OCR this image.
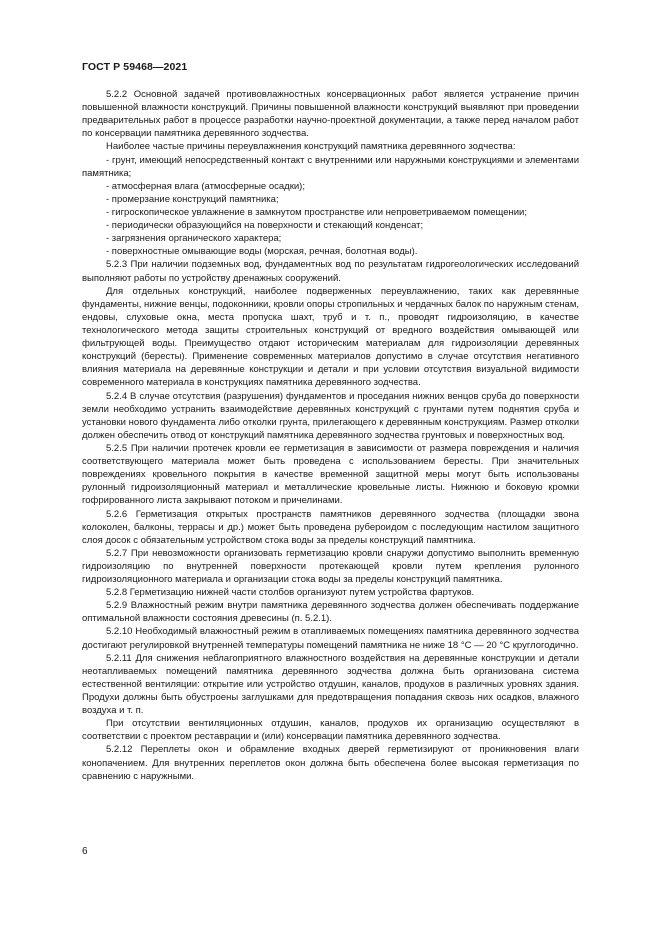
ГОСТ Р 59468—2021

5.2.2 Основной задачей противовлажностных консервационных работ является устранение причин повышенной влажности конструкций. Причины повышенной влажности конструкций выявляют при проведении предварительных работ в процессе разработки научно-проектной документации, а также перед началом работ по консервации памятника деревянного зодчества.

Наиболее частые причины переувлажнения конструкций памятника деревянного зодчества:

- грунт, имеющий непосредственный контакт с внутренними или наружными конструкциями и элементами памятника;

- атмосферная влага (атмосферные осадки);

- промерзание конструкций памятника;

- гигроскопическое увлажнение в замкнутом пространстве или непроветриваемом помещении;

- периодически образующийся на поверхности и стекающий конденсат;

- загрязнения органического характера;

- поверхностные омывающие воды (морская, речная, болотная воды).

5.2.3 При наличии подземных вод, фундаментных вод по результатам гидрогеологических исследований выполняют работы по устройству дренажных сооружений.

Для отдельных конструкций, наиболее подверженных переувлажнению, таких как деревянные фундаменты, нижние венцы, подоконники, кровли опоры стропильных и чердачных балок по наружным стенам, ендовы, слуховые окна, места пропуска шахт, труб и т. п., проводят гидроизоляцию, в качестве технологического метода защиты строительных конструкций от вредного воздействия омывающей или фильтрующей воды. Преимущество отдают историческим материалам для гидроизоляции деревянных конструкций (бересты). Применение современных материалов допустимо в случае отсутствия негативного влияния материала на деревянные конструкции и детали и при условии отсутствия визуальной видимости современного материала в конструкциях памятника деревянного зодчества.

5.2.4 В случае отсутствия (разрушения) фундаментов и проседания нижних венцов сруба до поверхности земли необходимо устранить взаимодействие деревянных конструкций с грунтами путем поднятия сруба и установки нового фундамента либо отколки грунта, прилегающего к деревянным конструкциям. Размер отколки должен обеспечить отвод от конструкций памятника деревянного зодчества грунтовых и поверхностных вод.

5.2.5 При наличии протечек кровли ее герметизация в зависимости от размера повреждения и наличия соответствующего материала может быть проведена с использованием бересты. При значительных повреждениях кровельного покрытия в качестве временной защитной меры могут быть использованы рулонный гидроизоляционный материал и металлические кровельные листы. Нижнюю и боковую кромки гофрированного листа закрывают потоком и причелинами.

5.2.6 Герметизация открытых пространств памятников деревянного зодчества (площадки звона колоколен, балконы, террасы и др.) может быть проведена рубероидом с последующим настилом защитного слоя досок с обязательным устройством стока воды за пределы конструкций памятника.

5.2.7 При невозможности организовать герметизацию кровли снаружи допустимо выполнить временную гидроизоляцию по внутренней поверхности протекающей кровли путем крепления рулонного гидроизоляционного материала и организации стока воды за пределы конструкций памятника.

5.2.8 Герметизацию нижней части столбов организуют путем устройства фартуков.

5.2.9 Влажностный режим внутри памятника деревянного зодчества должен обеспечивать поддержание оптимальной влажности состояния древесины (п. 5.2.1).

5.2.10 Необходимый влажностный режим в отапливаемых помещениях памятника деревянного зодчества достигают регулировкой внутренней температуры помещений памятника не ниже 18 °С — 20 °С круглогодично.

5.2.11 Для снижения неблагоприятного влажностного воздействия на деревянные конструкции и детали неотапливаемых помещений памятника деревянного зодчества должна быть организована система естественной вентиляции: открытие или устройство отдушин, каналов, продухов в различных уровнях здания. Продухи должны быть обустроены заглушками для предотвращения попадания сквозь них осадков, влажного воздуха и т. п.

При отсутствии вентиляционных отдушин, каналов, продухов их организацию осуществляют в соответствии с проектом реставрации и (или) консервации памятника деревянного зодчества.

5.2.12 Переплеты окон и обрамление входных дверей герметизируют от проникновения влаги конопачением. Для внутренних переплетов окон должна быть обеспечена более высокая герметизация по сравнению с наружными.

6
